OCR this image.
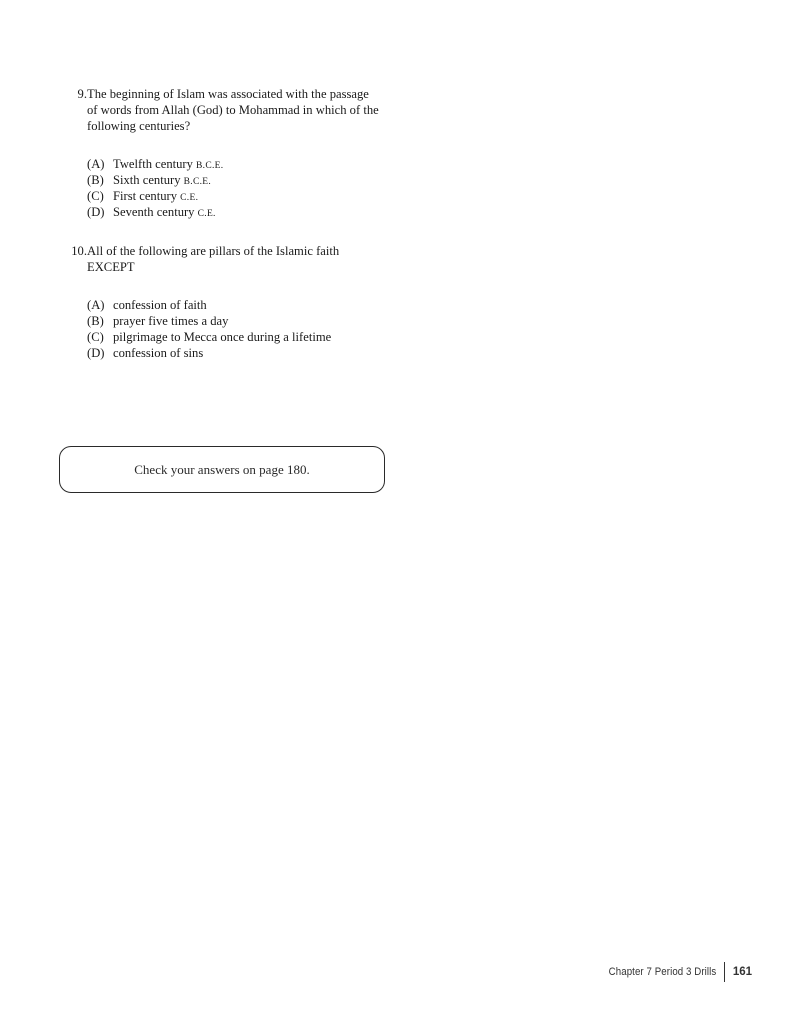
9. The beginning of Islam was associated with the passage
of words from Allah (God) to Mohammad in which of the
following centuries?
(A) Twelfth century B.C.E.
(B) Sixth century B.C.E.
(C) First century C.E.
(D) Seventh century C.E.
10. All of the following are pillars of the Islamic faith
EXCEPT
(A) confession of faith
(B) prayer five times a day
(C) pilgrimage to Mecca once during a lifetime
(D) confession of sins
Check your answers on page 180.
Chapter 7 Period 3 Drills 161
